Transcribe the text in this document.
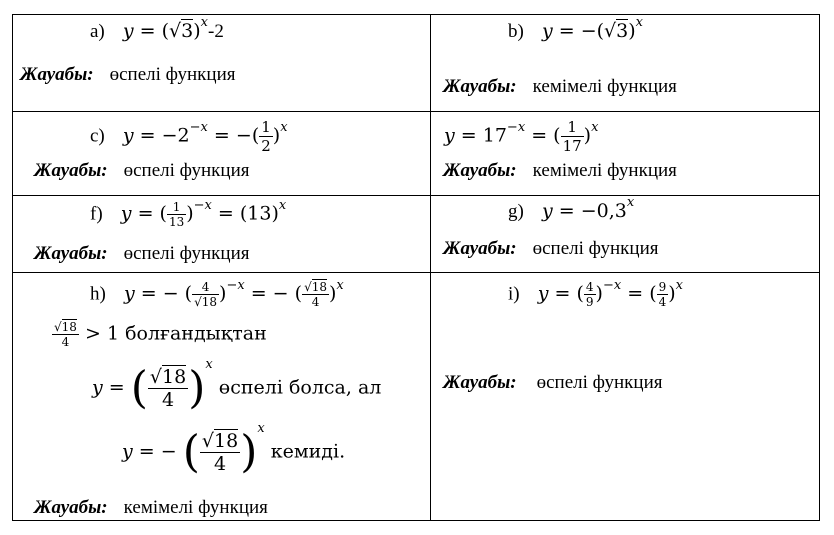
a) $y = (√3)^x-2$
Жауабы: өспелі функция
b) $y = -(√3)^x$
Жауабы: кемімелі функция
c) $y = -2^{-x}$ = −( $\frac{1}{2} )^x$
Жауабы: өспелі функция
$y = 17^{-x}$ = ( $\frac{1}{17} )^x$
Жауабы: кемімелі функция
f) y = ( $\frac{1}{13} )^{-x} = (13)^x$
Жауабы: өспелі функция
g) $y = -0,3^x$
Жауабы: өспелі функция
h) y = − ( $\frac{4}{√18} )^{-x}$ = − ( $\frac{√18}{4} )^x$
$\frac{√18}{4} > 1$ болғандықтан
y = ( $\frac{√18}{4} )^x$ өспелі болса, ал
y = − ( $\frac{√18}{4} )^x$ кемиді.
Жауабы: кемімелі функция
i) y = ( $\frac{4}{9} )^{-x}$ = ( $\frac{9}{4} )^x$
Жауабы: өспелі функция
